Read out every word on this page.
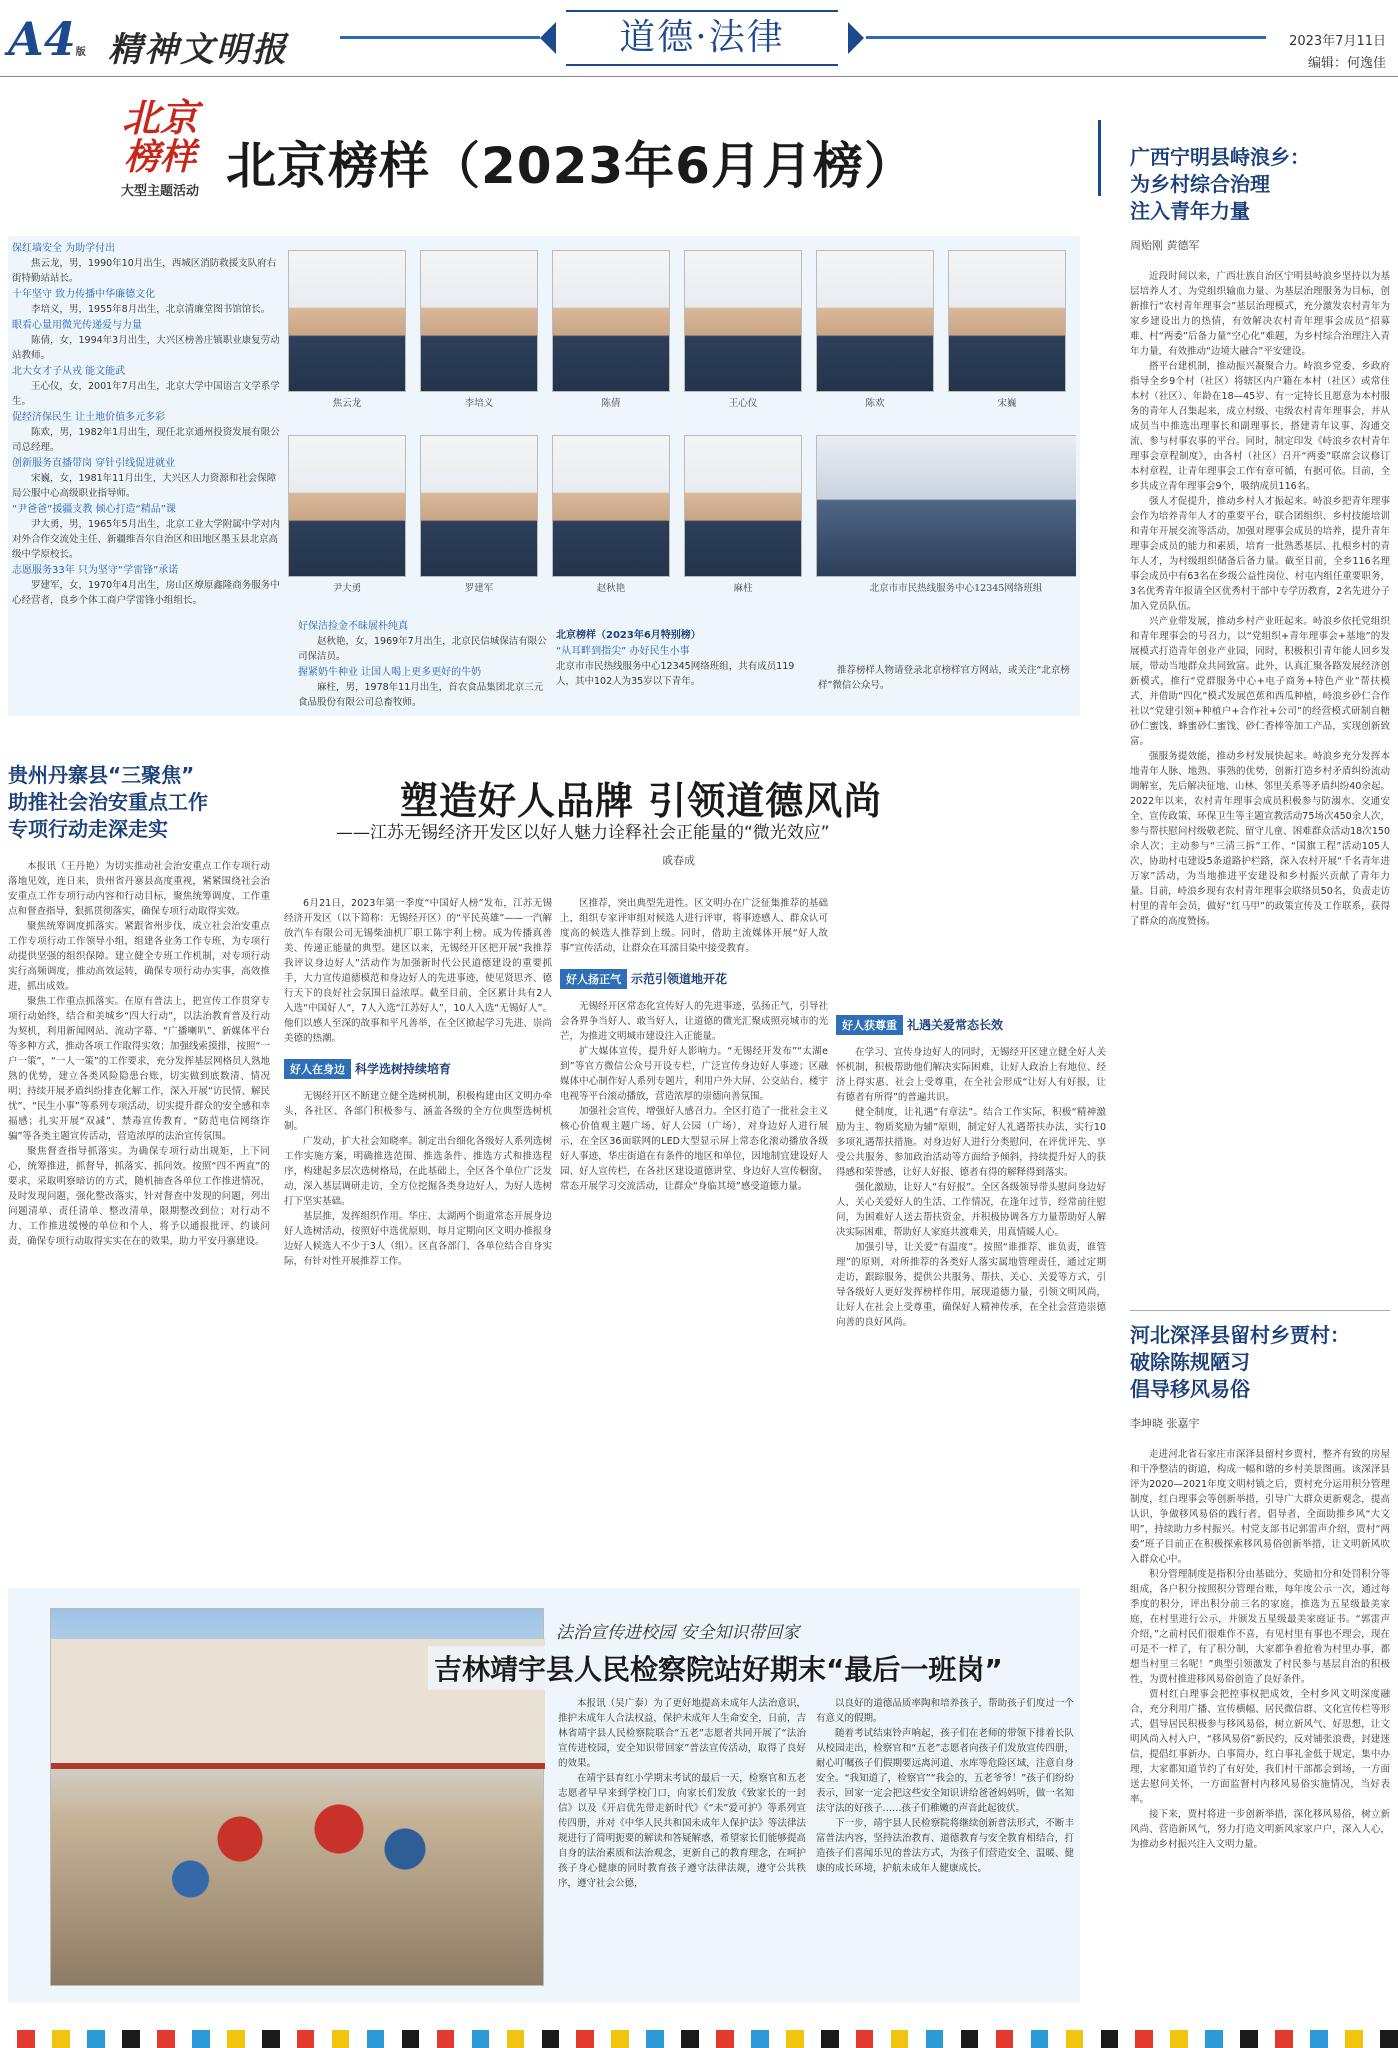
A4版 精神文明报	道德·法律	2023年7月11日
编辑：何逸佳
北京
榜样
大型主题活动 北京榜样（2023年6月月榜）
保红墙安全 为助学付出
焦云龙，男，1990年10月出生，西城区消防救援支队府右街特勤站站长。
十年坚守 致力传播中华廉德文化
李培义，男，1955年8月出生，北京清廉堂图书馆馆长。
眼看心量用微光传递爱与力量
陈倩，女，1994年3月出生，大兴区榜善庄镇职业康复劳动站教师。
北大女才子从戎 能文能武
王心仪，女，2001年7月出生，北京大学中国语言文学系学生。
促经济保民生 让土地价值多元多彩
陈欢，男，1982年1月出生，现任北京通州投资发展有限公司总经理。
创新服务直播带岗 穿针引线促进就业
宋巍，女，1981年11月出生，大兴区人力资源和社会保障局公服中心高级职业指导师。
“尹爸爸”援疆支教 倾心打造“精品”课
尹大勇，男，1965年5月出生，北京工业大学附属中学对内对外合作交流处主任、新疆维吾尔自治区和田地区墨玉县北京高级中学原校长。
志愿服务33年 只为坚守“学雷锋”承诺
罗建军，女，1970年4月出生，房山区燎原鑫隆商务服务中心经营者，良乡个体工商户学雷锋小组组长。
焦云龙	李培义	陈倩	王心仪	陈欢	宋巍
尹大勇	罗建军	赵秋艳	麻柱	北京市市民热线服务中心12345网络班组
好保洁捡金不昧展朴纯真
赵秋艳，女，1969年7月出生，北京民信城保洁有限公司保洁员。
握紧奶牛种业 让国人喝上更多更好的牛奶
麻柱，男，1978年11月出生，首农食品集团北京三元食品股份有限公司总畜牧师。
北京榜样（2023年6月特别榜）
“从耳畔到指尖” 办好民生小事
北京市市民热线服务中心12345网络班组，共有成员119人，其中102人为35岁以下青年。
推荐榜样人物请登录北京榜样官方网站，或关注“北京榜样”微信公众号。
广西宁明县峙浪乡：
为乡村综合治理
注入青年力量
周贻刚 黄德军

近段时间以来，广西壮族自治区宁明县峙浪乡坚持以为基层培养人才、为党组织输血力量、为基层治理服务为目标，创新推行“农村青年理事会”基层治理模式，充分激发农村青年为家乡建设出力的热情，有效解决农村青年理事会成员“招募难、村“两委”后备力量“空心化”难题，为乡村综合治理注入青年力量，有效推动“边境大融合”平安建设。

搭平台建机制，推动振兴凝聚合力。峙浪乡党委、乡政府指导全乡9个村（社区）将辖区内户籍在本村（社区）或常住本村（社区）、年龄在18—45岁、有一定特长且愿意为本村服务的青年人召集起来，成立村级、屯级农村青年理事会，并从成员当中推选出理事长和副理事长，搭建青年议事、沟通交流、参与村事农事的平台。同时，制定印发《峙浪乡农村青年理事会章程制度》，由各村（社区）召开“两委”联席会议修订本村章程，让青年理事会工作有章可循，有据可依。目前，全乡共成立青年理事会9个，吸纳成员116名。

强人才促提升，推动乡村人才振起来。峙浪乡把青年理事会作为培养青年人才的重要平台，联合团组织、乡村技能培训和青年开展交流等活动，加强对理事会成员的培养，提升青年理事会成员的能力和素质，培育一批熟悉基层、扎根乡村的青年人才，为村级组织储备后备力量。截至目前，全乡116名理事会成员中有63名在乡级公益性岗位、村屯内组任重要职务，3名优秀青年报请全区优秀村干部中专学历教育，2名先进分子加入党员队伍。

兴产业带发展，推动乡村产业旺起来。峙浪乡依托党组织和青年理事会的号召力，以“党组织+青年理事会+基地”的发展模式打造青年创业产业园，同时，积极积引青年能人回乡发展，带动当地群众共同致富。此外，认真汇聚各路发展经济创新模式，推行“党群服务中心+电子商务+特色产业”帮扶模式，并借助“四化”模式发展芭蕉和西瓜种植，峙浪乡砂仁合作社以“党建引领+种植户+合作社+公司”的经营模式研制自糖砂仁蜜饯、蜂蜜砂仁蜜饯、砂仁香棒等加工产品，实现创新致富。

强服务提效能，推动乡村发展快起来。峙浪乡充分发挥本地青年人脉、地熟、事熟的优势，创新打造乡村矛盾纠纷流动调解室，先后解决征地、山林、邻里关系等矛盾纠纷40余起。2022年以来，农村青年理事会成员积极参与防溺水、交通安全、宣传政策、环保卫生等主题宣教活动75场次450余人次，参与帮扶慰问村级敬老院、留守儿童、困难群众活动18次150余人次；主动参与“三清三拆”工作、“国旗工程”活动105人次，协助村屯建设5条道路护栏路，深入农村开展“千名青年进万家”活动，为当地推进平安建设和乡村振兴贡献了青年力量。目前，峙浪乡现有农村青年理事会联络员50名，负责走访村里的青年会员，做好“红马甲”的政策宣传及工作联系，获得了群众的高度赞扬。

河北深泽县留村乡贾村：
破除陈规陋习
倡导移风易俗
李坤晓 张嘉宇

走进河北省石家庄市深泽县留村乡贾村，整齐有致的房屋和干净整洁的街道，构成一幅和谐的乡村美景图画。该深泽县评为2020—2021年度文明村镇之后，贾村充分运用积分管理制度，红白理事会等创新举措，引导广大群众更新观念，提高认识，争做移风易俗的践行者，倡导者，全面助推乡风“大文明”，持续助力乡村振兴。村党支部书记郭雷声介绍，贾村“两委”班子目前正在积极探索移风易俗创新举措，让文明新风吹入群众心中。

积分管理制度是指积分由基础分、奖励扣分和处罚积分等组成，各户积分按照积分管理台账，每年度公示一次，通过每季度的积分，评出积分前三名的家庭，推选为五星级最美家庭，在村里进行公示，并颁发五星级最美家庭证书。“郭雷声介绍，”之前村民们很难作不喜，有见村里有事也不理会，现在可是不一样了，有了积分制，大家都争着抢着为村里办事，都想当村里三名呢！”典型引领激发了村民参与基层自治的积极性，为贾村推进移风易俗创造了良好条件。

贾村红白理事会把控事权把成效，全村乡风文明深度融合，充分利用广播、宣传横幅、居民微信群、文化宣传栏等形式，倡导居民积极参与移风易俗，树立新风气、好思想，让文明风尚入村入户，“移风易俗”新民约，反对铺张浪费，封建迷信，提倡红事新办、白事简办，红白事礼金低于规定，集中办理，大家都知道节约了有好处，我们村干部都会到场，一方面送去慰问关怀，一方面监督村内移风易俗实施情况，当好表率。

接下来，贾村将进一步创新举措，深化移风易俗，树立新风尚、营造新风气，努力打造文明新风家家户户，深入人心，为推动乡村振兴注入文明力量。

贵州丹寨县“三聚焦”
助推社会治安重点工作
专项行动走深走实

本报讯（王丹艳）为切实推动社会治安重点工作专项行动落地见效，连日来，贵州省丹寨县高度重视，紧紧围绕社会治安重点工作专项行动内容和行动目标，聚焦统筹调度、工作重点和督查指导，狠抓贯彻落实，确保专项行动取得实效。

聚焦统筹调度抓落实。紧跟省州步伐，成立社会治安重点工作专项行动工作领导小组，组建各业务工作专班，为专项行动提供坚强的组织保障。建立健全专班工作机制，对专项行动实行高频调度，推动高效运转，确保专项行动办实事，高效推进，抓出成效。

聚焦工作重点抓落实。在原有普法上，把宣传工作贯穿专项行动始终，结合和美城乡“四大行动”，以法治教育普及行动为契机，利用新闻网站、流动字幕、“广播喇叭”、新媒体平台等多种方式，推动各项工作取得实效；加强线索摸排，按照“一户一策”，“一人一策”的工作要求，充分发挥基层网格员人熟地熟的优势，建立各类风险隐患台账，切实做到底数清、情况明；持续开展矛盾纠纷排查化解工作，深入开展“访民情、解民忧”、“民生小事”等系列专项活动，切实提升群众的安全感和幸福感；扎实开展“双减”、禁毒宣传教育、“防范电信网络诈骗”等各类主题宣传活动，营造浓厚的法治宣传氛围。

聚焦督查指导抓落实。为确保专项行动出规矩，上下同心，统筹推进，抓督导，抓落实、抓问效。按照“四不两直”的要求，采取明察暗访的方式，随机抽查各单位工作推进情况，及时发现问题，强化整改落实，针对督查中发现的问题，列出问题清单、责任清单、整改清单，限期整改到位；对行动不力、工作推进缓慢的单位和个人，将予以通报批评、约谈问责，确保专项行动取得实实在在的效果，助力平安丹寨建设。

塑造好人品牌 引领道德风尚
——江苏无锡经济开发区以好人魅力诠释社会正能量的“微光效应”
戚春成

6月21日，2023年第一季度“中国好人榜”发布，江苏无锡经济开发区（以下简称：无锡经开区）的“平民英雄”——一汽解放汽车有限公司无锡柴油机厂职工陈宇利上榜。成为传播真善美、传递正能量的典型。建区以来，无锡经开区把开展“我推荐我评议身边好人”活动作为加强新时代公民道德建设的重要抓手，大力宣传道德模范和身边好人的先进事迹，使见贤思齐、德行天下的良好社会氛围日益浓厚。截至目前，全区累计共有2人入选“中国好人”，7人入选“江苏好人”，10人入选“无锡好人”。他们以感人至深的故事和平凡善举，在全区掀起学习先进、崇尚美德的热潮。

好人在身边 科学选树持续培育

无锡经开区不断建立健全选树机制，积极构建由区文明办牵头，各社区、各部门积极参与、涵盖各级的全方位典型选树机制。

广发动，扩大社会知晓率。制定出台细化各级好人系列选树工作实施方案，明确推选范围、推选条件、推选方式和推选程序，构建起多层次选树格局，在此基础上，全区各个单位广泛发动，深入基层调研走访，全方位挖掘各类身边好人，为好人选树打下坚实基础。

基层推，发挥组织作用。华庄、太湖两个街道常态开展身边好人选树活动，按照好中选优原则，每月定期向区文明办推报身边好人候选人不少于3人（组）。区直各部门、各单位结合自身实际，有针对性开展推荐工作。

区推荐，突出典型先进性。区文明办在广泛征集推荐的基础上，组织专家评审组对候选人进行评审，将事迹感人、群众认可度高的候选人推荐到上级。同时，借助主流媒体开展“好人故事”宣传活动，让群众在耳濡目染中接受教育。

好人扬正气 示范引领道地开花

无锡经开区常态化宣传好人的先进事迹，弘扬正气，引导社会各界争当好人、敢当好人，让道德的微光汇聚成照亮城市的光芒，为推进文明城市建设注入正能量。

扩大媒体宣传，提升好人影响力。“无锡经开发布”“太湖e到”等官方微信公众号开设专栏，广泛宣传身边好人事迹；区融媒体中心制作好人系列专题片，利用户外大屏、公交站台、楼宇电视等平台滚动播放，营造浓厚的崇德向善氛围。

加强社会宣传，增强好人感召力。全区打造了一批社会主义核心价值观主题广场、好人公园（广场），对身边好人进行展示，在全区36面联网的LED大型显示屏上常态化滚动播放各级好人事迹，华庄街道在有条件的地区和单位，因地制宜建设好人园、好人宣传栏，在各社区建设道德讲堂、身边好人宣传橱窗，常态开展学习交流活动，让群众“身临其境”感受道德力量。

好人获尊重 礼遇关爱常态长效

在学习、宣传身边好人的同时，无锡经开区建立健全好人关怀机制，积极帮助他们解决实际困难，让好人政治上有地位、经济上得实惠、社会上受尊重，在全社会形成“让好人有好报，让有德者有所得”的普遍共识。

健全制度，让礼遇“有章法”。结合工作实际，积极“精神激励为主、物质奖励为辅”原则，制定好人礼遇帮扶办法，实行10多项礼遇帮扶措施。对身边好人进行分类慰问，在评优评先、享受公共服务、参加政治活动等方面给予倾斜，持续提升好人的获得感和荣誉感，让好人好报、德者有得的解释得到落实。

强化激励，让好人“有好报”。全区各级领导带头慰问身边好人，关心关爱好人的生活、工作情况，在逢年过节，经常前往慰问，为困难好人送去帮扶资金，并积极协调各方力量帮助好人解决实际困难，帮助好人家庭共渡难关，用真情暖人心。

加强引导，让关爱“有温度”。按照“谁推荐、谁负责，谁管理”的原则，对所推荐的各类好人落实属地管理责任，通过定期走访，跟踪服务，提供公共服务、帮扶、关心、关爱等方式，引导各级好人更好发挥榜样作用，展现道德力量，引领文明风尚，让好人在社会上受尊重，确保好人精神传承，在全社会营造崇德向善的良好风尚。

法治宣传进校园 安全知识带回家
吉林靖宇县人民检察院站好期末“最后一班岗”

本报讯（吴广泰）为了更好地提高未成年人法治意识，推护未成年人合法权益，保护未成年人生命安全，日前，吉林省靖宇县人民检察院联合“五老”志愿者共同开展了“法治宣传进校园，安全知识带回家”普法宣传活动，取得了良好的效果。

在靖宇县育红小学期末考试的最后一天，检察官和五老志愿者早早来到学校门口，向家长们发放《致家长的一封信》以及《开启优先带走新时代》《“未”爱可护》等系列宣传四册，并对《中华人民共和国未成年人保护法》等法律法规进行了简明扼要的解读和答疑解惑，希望家长们能够提高自身的法治素质和法治观念，更新自己的教育理念，在呵护孩子身心健康的同时教育孩子遵守法律法规，遵守公共秩序，遵守社会公德，

以良好的道德品质率陶和培养孩子，帮助孩子们度过一个有意义的假期。

随着考试结束铃声响起，孩子们在老师的带领下排着长队从校园走出，检察官和“五老”志愿者向孩子们发放宣传四册，耐心叮嘱孩子们假期要远离河道、水库等危险区域，注意自身安全。“我知道了，检察官”“我会的，五老爷爷！”孩子们纷纷表示，回家一定会把这些安全知识讲给爸爸妈妈听，做一名知法守法的好孩子……孩子们稚嫩的声音此起彼伏。

下一步，靖宇县人民检察院将继续创新普法形式，不断丰富普法内容，坚持法治教育、道德教育与安全教育相结合，打造孩子们喜闻乐见的普法方式，为孩子们营造安全、温暖、健康的成长环境，护航未成年人健康成长。
